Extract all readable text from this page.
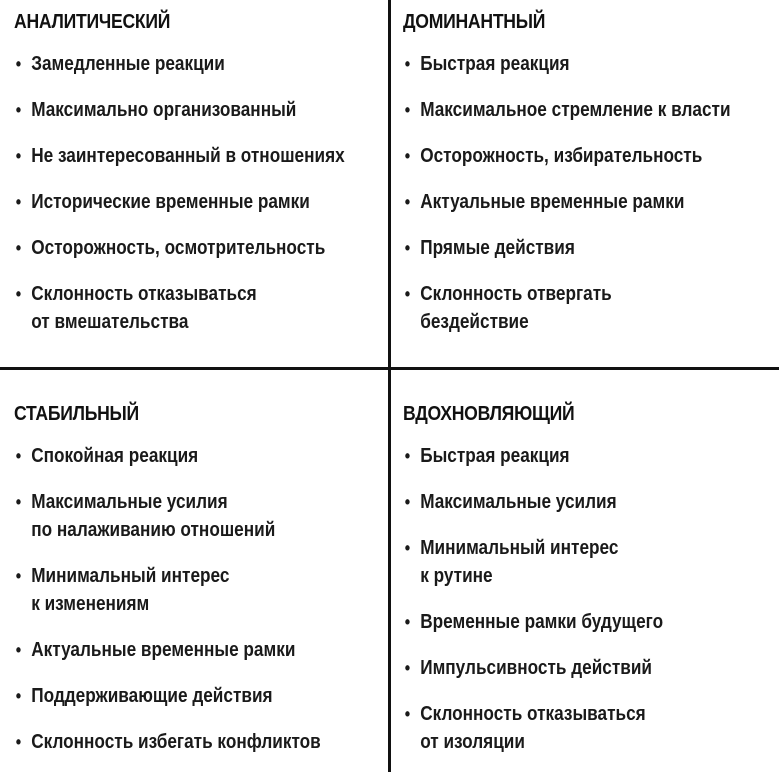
АНАЛИТИЧЕСКИЙ
• Замедленные реакции
• Максимально организованный
• Не заинтересованный в отношениях
• Исторические временные рамки
• Осторожность, осмотрительность
• Склонность отказываться
от вмешательства
ДОМИНАНТНЫЙ
• Быстрая реакция
• Максимальное стремление к власти
• Осторожность, избирательность
• Актуальные временные рамки
• Прямые действия
• Склонность отвергать
бездействие
СТАБИЛЬНЫЙ
• Спокойная реакция
• Максимальные усилия
по налаживанию отношений
• Минимальный интерес
к изменениям
• Актуальные временные рамки
• Поддерживающие действия
• Склонность избегать конфликтов
ВДОХНОВЛЯЮЩИЙ
• Быстрая реакция
• Максимальные усилия
• Минимальный интерес
к рутине
• Временные рамки будущего
• Импульсивность действий
• Склонность отказываться
от изоляции
